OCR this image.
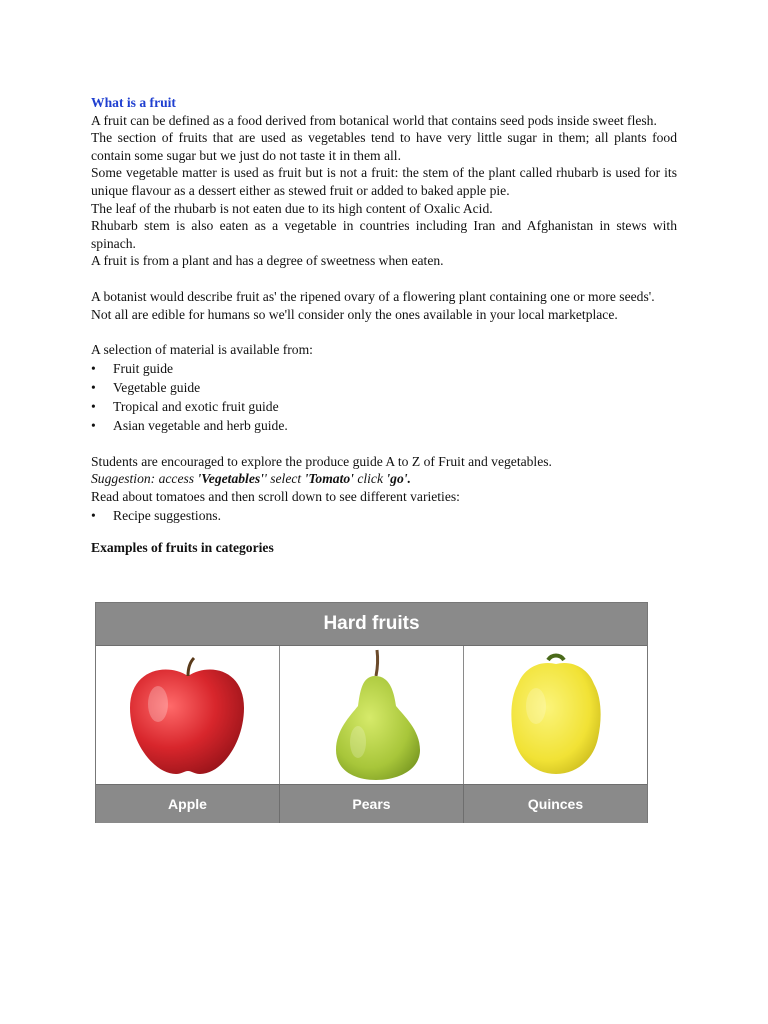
What is a fruit

A fruit can be defined as a food derived from botanical world that contains seed pods inside sweet flesh.

The section of fruits that are used as vegetables tend to have very little sugar in them; all plants food contain some sugar but we just do not taste it in them all.

Some vegetable matter is used as fruit but is not a fruit: the stem of the plant called rhubarb is used for its unique flavour as a dessert either as stewed fruit or added to baked apple pie.

The leaf of the rhubarb is not eaten due to its high content of Oxalic Acid.

Rhubarb stem is also eaten as a vegetable in countries including Iran and Afghanistan in stews with spinach.

A fruit is from a plant and has a degree of sweetness when eaten.

A botanist would describe fruit as' the ripened ovary of a flowering plant containing one or more seeds'.

Not all are edible for humans so we'll consider only the ones available in your local marketplace.

A selection of material is available from:

• Fruit guide
• Vegetable guide
• Tropical and exotic fruit guide
• Asian vegetable and herb guide.

Students are encouraged to explore the produce guide A to Z of Fruit and vegetables.

Suggestion: access 'Vegetables'' select 'Tomato' click 'go'.

Read about tomatoes and then scroll down to see different varieties:

• Recipe suggestions.
Examples of fruits in categories
Hard fruits
Apple	Pears	Quinces
